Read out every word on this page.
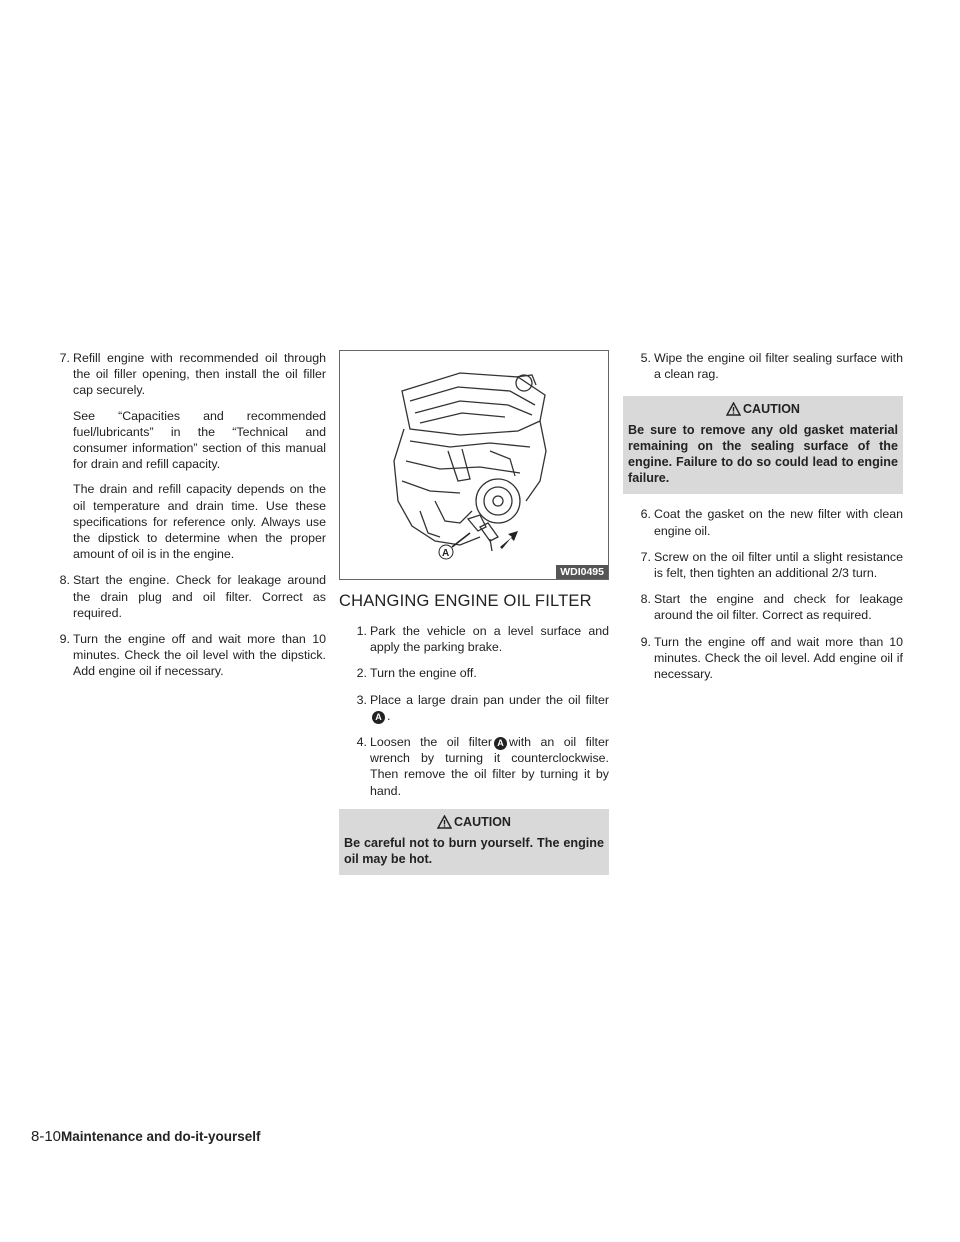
7. Refill engine with recommended oil through the oil filler opening, then install the oil filler cap securely.

See “Capacities and recommended fuel/lubricants” in the “Technical and consumer information” section of this manual for drain and refill capacity.

The drain and refill capacity depends on the oil temperature and drain time. Use these specifications for reference only. Always use the dipstick to determine when the proper amount of oil is in the engine.

8. Start the engine. Check for leakage around the drain plug and oil filter. Correct as required.

9. Turn the engine off and wait more than 10 minutes. Check the oil level with the dipstick. Add engine oil if necessary.

A
WDI0495
CHANGING ENGINE OIL FILTER
1. Park the vehicle on a level surface and apply the parking brake.
2. Turn the engine off.
3. Place a large drain pan under the oil filterA .
4. Loosen the oil filter A with an oil filter wrench by turning it counterclockwise. Then remove the oil filter by turning it by hand.
CAUTION
Be careful not to burn yourself. The engine oil may be hot.
5. Wipe the engine oil filter sealing surface with a clean rag.
CAUTION
Be sure to remove any old gasket material remaining on the sealing surface of the engine. Failure to do so could lead to engine failure.
6. Coat the gasket on the new filter with clean engine oil.
7. Screw on the oil filter until a slight resistance is felt, then tighten an additional 2/3 turn.
8. Start the engine and check for leakage around the oil filter. Correct as required.
9. Turn the engine off and wait more than 10 minutes. Check the oil level. Add engine oil if necessary.
8-10Maintenance and do-it-yourself
